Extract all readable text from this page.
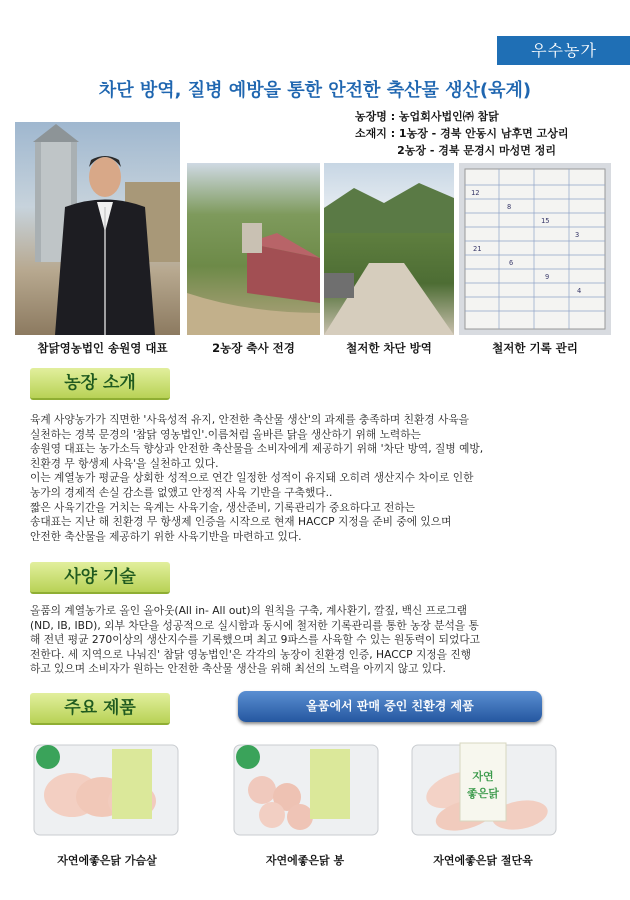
우수농가
차단 방역, 질병 예방을 통한 안전한 축산물 생산(육계)
농장명 : 농업회사법인㈜ 참닭
소재지 : 1농장 - 경북 안동시 남후면 고상리
2농장 - 경북 문경시 마성면 정리
참닭영농법인 송원영 대표	2농장 축사 전경	철저한 차단 방역
12
8
15
3
21
6
9
4
철저한 기록 관리
농장 소개
육계 사양농가가 직면한 '사육성적 유지, 안전한 축산물 생산'의 과제를 충족하며 친환경 사육을
실천하는 경북 문경의 '참닭 영농법인'.이름처럼 올바른 닭을 생산하기 위해 노력하는
송원영 대표는 농가소득 향상과 안전한 축산물을 소비자에게 제공하기 위해 '차단 방역, 질병 예방,
친환경 무 항생제 사육'을 실천하고 있다.
이는 계열농가 평균을 상회한 성적으로 연간 일정한 성적이 유지돼 오히려 생산지수 차이로 인한
농가의 경제적 손실 감소를 없앴고 안정적 사육 기반을 구축했다..
짧은 사육기간을 거치는 육계는 사육기술, 생산준비, 기록관리가 중요하다고 전하는
송대표는 지난 해 친환경 무 항생제 인증을 시작으로 현재 HACCP 지정을 준비 중에 있으며
안전한 축산물을 제공하기 위한 사육기반을 마련하고 있다.
사양 기술
올품의 계열농가로 올인 올아웃(All in- All out)의 원칙을 구축, 계사환기, 깔짚, 백신 프로그램
(ND, IB, IBD), 외부 차단을 성공적으로 실시함과 동시에 철저한 기록관리를 통한 농장 분석을 통
해 전년 평균 270이상의 생산지수를 기록했으며 최고 9파스를 사육할 수 있는 원동력이 되었다고
전한다. 세 지역으로 나눠진' 참닭 영농법인'은 각각의 농장이 친환경 인증, HACCP 지정을 진행
하고 있으며 소비자가 원하는 안전한 축산물 생산을 위해 최선의 노력을 아끼지 않고 있다.
주요 제품	올품에서 판매 중인 친환경 제품
자연
좋은닭
자연에좋은닭 가슴살	자연에좋은닭 봉	자연에좋은닭 절단육
